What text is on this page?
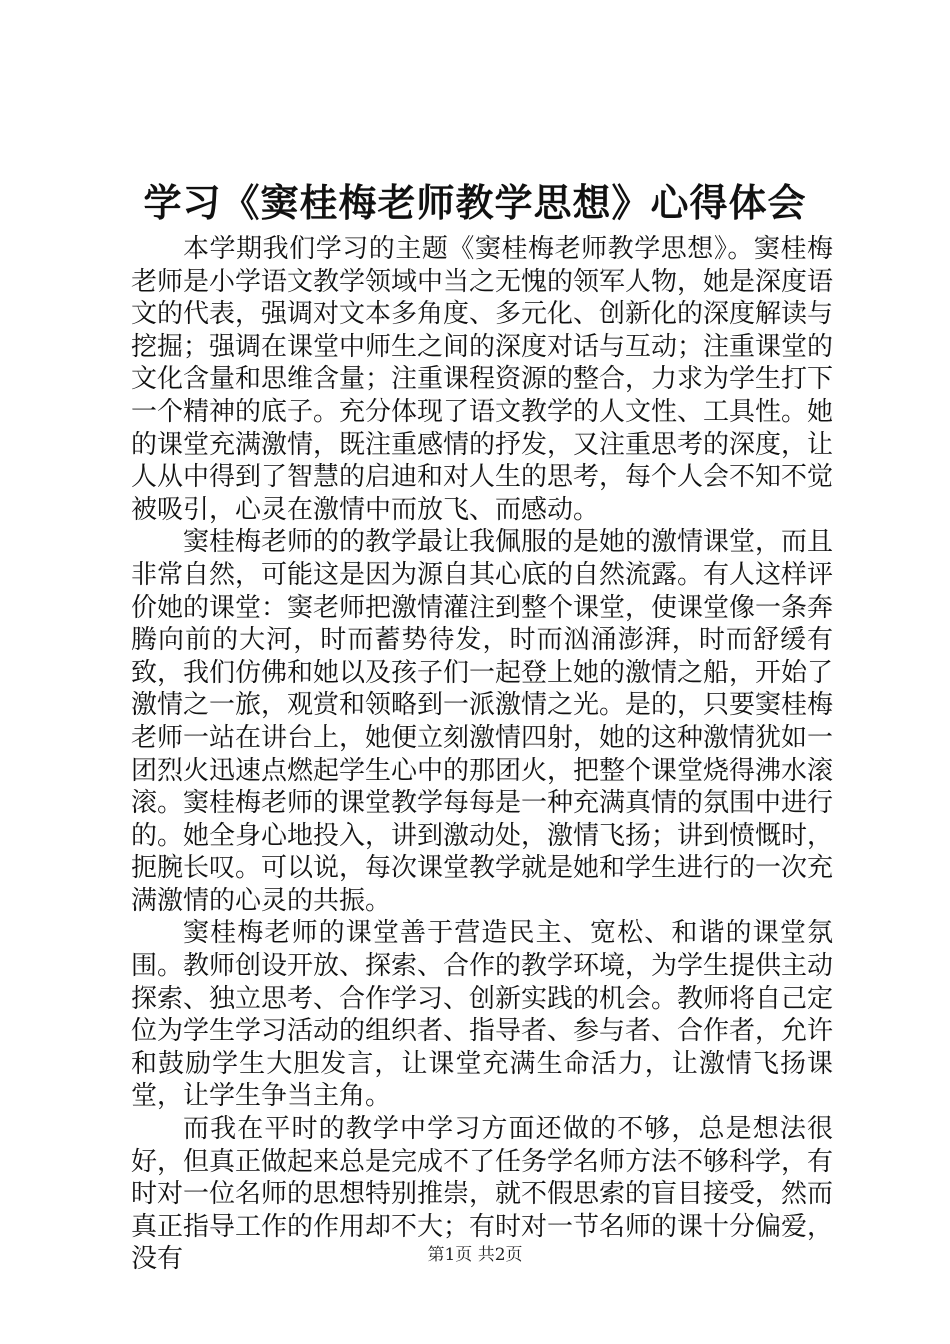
学习《窦桂梅老师教学思想》心得体会

本学期我们学习的主题《窦桂梅老师教学思想》。窦桂梅老师是小学语文教学领域中当之无愧的领军人物，她是深度语文的代表，强调对文本多角度、多元化、创新化的深度解读与挖掘；强调在课堂中师生之间的深度对话与互动；注重课堂的文化含量和思维含量；注重课程资源的整合，力求为学生打下一个精神的底子。充分体现了语文教学的人文性、工具性。她的课堂充满激情，既注重感情的抒发，又注重思考的深度，让人从中得到了智慧的启迪和对人生的思考，每个人会不知不觉被吸引，心灵在激情中而放飞、而感动。

窦桂梅老师的的教学最让我佩服的是她的激情课堂，而且非常自然，可能这是因为源自其心底的自然流露。有人这样评价她的课堂：窦老师把激情灌注到整个课堂，使课堂像一条奔腾向前的大河，时而蓄势待发，时而汹涌澎湃，时而舒缓有致，我们仿佛和她以及孩子们一起登上她的激情之船，开始了激情之一旅，观赏和领略到一派激情之光。是的，只要窦桂梅老师一站在讲台上，她便立刻激情四射，她的这种激情犹如一团烈火迅速点燃起学生心中的那团火，把整个课堂烧得沸水滚滚。窦桂梅老师的课堂教学每每是一种充满真情的氛围中进行的。她全身心地投入，讲到激动处，激情飞扬；讲到愤慨时，扼腕长叹。可以说，每次课堂教学就是她和学生进行的一次充满激情的心灵的共振。

窦桂梅老师的课堂善于营造民主、宽松、和谐的课堂氛围。教师创设开放、探索、合作的教学环境，为学生提供主动探索、独立思考、合作学习、创新实践的机会。教师将自己定位为学生学习活动的组织者、指导者、参与者、合作者，允许和鼓励学生大胆发言，让课堂充满生命活力，让激情飞扬课堂，让学生争当主角。

而我在平时的教学中学习方面还做的不够，总是想法很好，但真正做起来总是完成不了任务学名师方法不够科学，有时对一位名师的思想特别推崇，就不假思索的盲目接受，然而真正指导工作的作用却不大；有时对一节名师的课十分偏爱，没有	第1页 共2页
